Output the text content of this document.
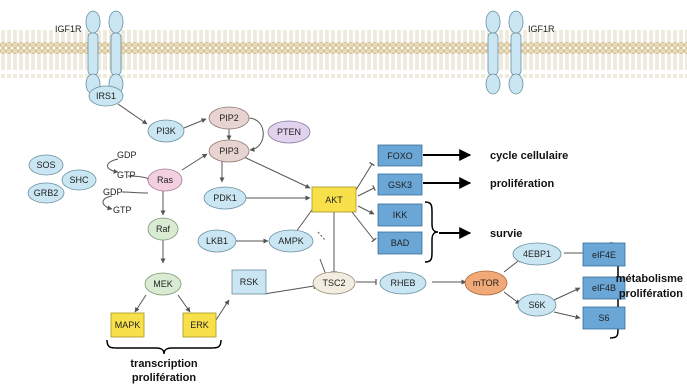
IGF1R	IGF1R
IRS1
PI3K
PIP2
PIP3
PTEN
SOS
SHC
GRB2
GDP
GTP
GDP
GTP
Ras
Raf
MEK
MAPK	ERK
PDK1	AKT
LKB1	AMPK
RSK	TSC2	RHEB	mTOR
FOXO
GSK3
IKK
BAD
4EBP1
S6K
eIF4E
eIF4B
S6
cycle cellulaire
prolifération
survie
métabolisme
prolifération
transcription
prolifération
